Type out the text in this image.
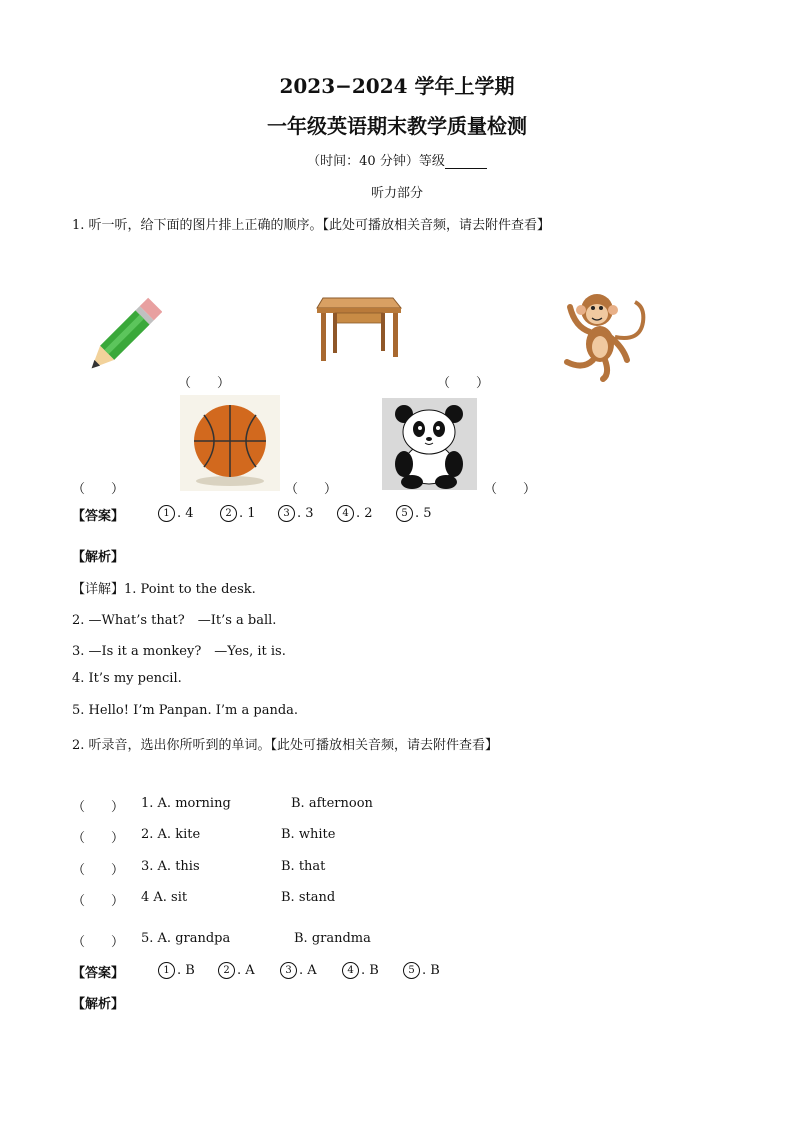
2023−2024 学年上学期
一年级英语期末教学质量检测
（时间：40 分钟）等级
听力部分
1. 听一听，给下面的图片排上正确的顺序。【此处可播放相关音频，请去附件查看】
（　　）	（　　）
（　　）	（　　）	（　　）
【答案】	1 . 4	2 . 1	3 . 3	4 . 2	5 . 5
【解析】
【详解】1. Point to the desk.
2. —What’s that?　—It’s a ball.
3. —Is it a monkey?　—Yes, it is.
4. It’s my pencil.
5. Hello! I’m Panpan. I’m a panda.
2. 听录音，选出你所听到的单词。【此处可播放相关音频，请去附件查看】
（　　） 1. A. morning	B. afternoon
（　　） 2. A. kite	B. white
（　　） 3. A. this	B. that
（　　） 4 A. sit	B. stand
（　　） 5. A. grandpa	B. grandma
【答案】	1 . B	2 . A	3 . A	4 . B	5 . B
【解析】
